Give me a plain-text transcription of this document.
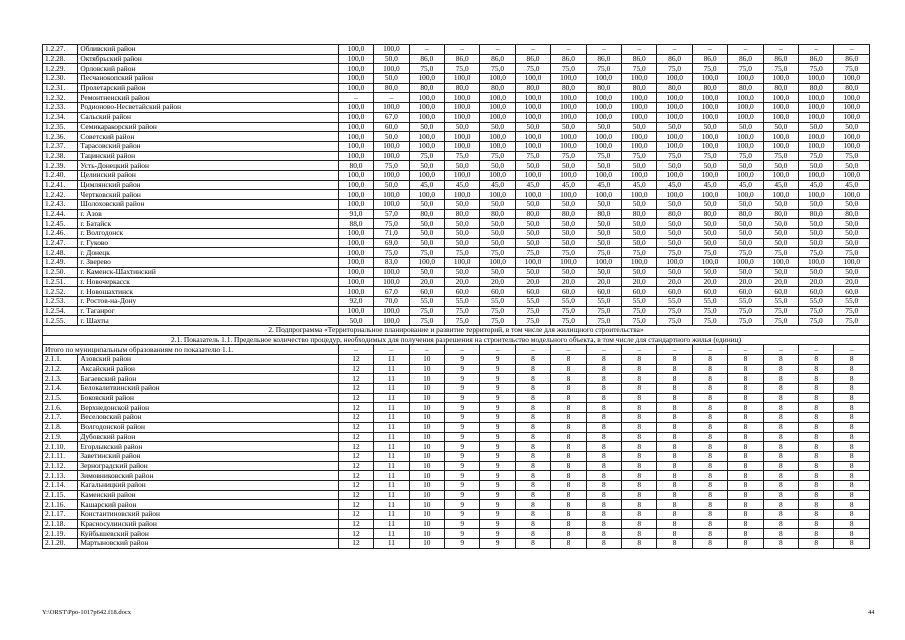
1.2.27.	Обливский район	100,0	100,0	–	–	–	–	–	–	–	–	–	–	–	–	–
1.2.28.	Октябрьский район	100,0	50,0	86,0	86,0	86,0	86,0	86,0	86,0	86,0	86,0	86,0	86,0	86,0	86,0	86,0
1.2.29.	Орловский район	100,0	100,0	75,0	75,0	75,0	75,0	75,0	75,0	75,0	75,0	75,0	75,0	75,0	75,0	75,0
1.2.30.	Песчанокопский район	100,0	50,0	100,0	100,0	100,0	100,0	100,0	100,0	100,0	100,0	100,0	100,0	100,0	100,0	100,0
1.2.31.	Пролетарский район	100,0	80,0	80,0	80,0	80,0	80,0	80,0	80,0	80,0	80,0	80,0	80,0	80,0	80,0	80,0
1.2.32.	Ремонтненский район	–	–	100,0	100,0	100,0	100,0	100,0	100,0	100,0	100,0	100,0	100,0	100,0	100,0	100,0
1.2.33.	Родионово-Несветайский район	100,0	100,0	100,0	100,0	100,0	100,0	100,0	100,0	100,0	100,0	100,0	100,0	100,0	100,0	100,0
1.2.34.	Сальский район	100,0	67,0	100,0	100,0	100,0	100,0	100,0	100,0	100,0	100,0	100,0	100,0	100,0	100,0	100,0
1.2.35.	Семикаракорский район	100,0	60,0	50,0	50,0	50,0	50,0	50,0	50,0	50,0	50,0	50,0	50,0	50,0	50,0	50,0
1.2.36.	Советский район	100,0	50,0	100,0	100,0	100,0	100,0	100,0	100,0	100,0	100,0	100,0	100,0	100,0	100,0	100,0
1.2.37.	Тарасовский район	100,0	100,0	100,0	100,0	100,0	100,0	100,0	100,0	100,0	100,0	100,0	100,0	100,0	100,0	100,0
1.2.38.	Тацинский район	100,0	100,0	75,0	75,0	75,0	75,0	75,0	75,0	75,0	75,0	75,0	75,0	75,0	75,0	75,0
1.2.39.	Усть-Донецкий район	80,0	75,0	50,0	50,0	50,0	50,0	50,0	50,0	50,0	50,0	50,0	50,0	50,0	50,0	50,0
1.2.40.	Целинский район	100,0	100,0	100,0	100,0	100,0	100,0	100,0	100,0	100,0	100,0	100,0	100,0	100,0	100,0	100,0
1.2.41.	Цимлянский район	100,0	50,0	45,0	45,0	45,0	45,0	45,0	45,0	45,0	45,0	45,0	45,0	45,0	45,0	45,0
1.2.42.	Чертковский район	100,0	100,0	100,0	100,0	100,0	100,0	100,0	100,0	100,0	100,0	100,0	100,0	100,0	100,0	100,0
1.2.43.	Шолоховский район	100,0	100,0	50,0	50,0	50,0	50,0	50,0	50,0	50,0	50,0	50,0	50,0	50,0	50,0	50,0
1.2.44.	г. Азов	91,0	57,0	80,0	80,0	80,0	80,0	80,0	80,0	80,0	80,0	80,0	80,0	80,0	80,0	80,0
1.2.45.	г. Батайск	88,0	75,0	50,0	50,0	50,0	50,0	50,0	50,0	50,0	50,0	50,0	50,0	50,0	50,0	50,0
1.2.46.	г. Волгодонск	100,0	71,0	50,0	50,0	50,0	50,0	50,0	50,0	50,0	50,0	50,0	50,0	50,0	50,0	50,0
1.2.47.	г. Гуково	100,0	69,0	50,0	50,0	50,0	50,0	50,0	50,0	50,0	50,0	50,0	50,0	50,0	50,0	50,0
1.2.48.	г. Донецк	100,0	75,0	75,0	75,0	75,0	75,0	75,0	75,0	75,0	75,0	75,0	75,0	75,0	75,0	75,0
1.2.49.	г. Зверево	100,0	83,0	100,0	100,0	100,0	100,0	100,0	100,0	100,0	100,0	100,0	100,0	100,0	100,0	100,0
1.2.50.	г. Каменск-Шахтинский	100,0	100,0	50,0	50,0	50,0	50,0	50,0	50,0	50,0	50,0	50,0	50,0	50,0	50,0	50,0
1.2.51.	г. Новочеркасск	100,0	100,0	20,0	20,0	20,0	20,0	20,0	20,0	20,0	20,0	20,0	20,0	20,0	20,0	20,0
1.2.52.	г. Новошахтинск	100,0	67,0	60,0	60,0	60,0	60,0	60,0	60,0	60,0	60,0	60,0	60,0	60,0	60,0	60,0
1.2.53.	г. Ростов-на-Дону	92,0	70,0	55,0	55,0	55,0	55,0	55,0	55,0	55,0	55,0	55,0	55,0	55,0	55,0	55,0
1.2.54.	г. Таганрог	100,0	100,0	75,0	75,0	75,0	75,0	75,0	75,0	75,0	75,0	75,0	75,0	75,0	75,0	75,0
1.2.55.	г. Шахты	50,0	100,0	75,0	75,0	75,0	75,0	75,0	75,0	75,0	75,0	75,0	75,0	75,0	75,0	75,0
2. Подпрограмма «Территориальное планирование и развитие территорий, в том числе для жилищного строительства»																
2.1. Показатель 1.1. Предельное количество процедур, необходимых для получения разрешения на строительство модельного объекта, в том числе для стандартного жилья (единиц)																
Итого по муниципальным образованиям по показателю 1.1.		–	–	–	–	–	–	–	–	–	–	–	–	–	–	–
2.1.1.	Азовский район	12	11	10	9	9	8	8	8	8	8	8	8	8	8	8
2.1.2.	Аксайский район	12	11	10	9	9	8	8	8	8	8	8	8	8	8	8
2.1.3.	Багаевский район	12	11	10	9	9	8	8	8	8	8	8	8	8	8	8
2.1.4.	Белокалитвинский район	12	11	10	9	9	8	8	8	8	8	8	8	8	8	8
2.1.5.	Боковский район	12	11	10	9	9	8	8	8	8	8	8	8	8	8	8
2.1.6.	Верхнедонской район	12	11	10	9	9	8	8	8	8	8	8	8	8	8	8
2.1.7.	Веселовский район	12	11	10	9	9	8	8	8	8	8	8	8	8	8	8
2.1.8.	Волгодонской район	12	11	10	9	9	8	8	8	8	8	8	8	8	8	8
2.1.9.	Дубовский район	12	11	10	9	9	8	8	8	8	8	8	8	8	8	8
2.1.10.	Егорлыкский район	12	11	10	9	9	8	8	8	8	8	8	8	8	8	8
2.1.11.	Заветинский район	12	11	10	9	9	8	8	8	8	8	8	8	8	8	8
2.1.12.	Зерноградский район	12	11	10	9	9	8	8	8	8	8	8	8	8	8	8
2.1.13.	Зимовниковский район	12	11	10	9	9	8	8	8	8	8	8	8	8	8	8
2.1.14.	Кагальницкий район	12	11	10	9	9	8	8	8	8	8	8	8	8	8	8
2.1.15.	Каменский район	12	11	10	9	9	8	8	8	8	8	8	8	8	8	8
2.1.16.	Кашарский район	12	11	10	9	9	8	8	8	8	8	8	8	8	8	8
2.1.17.	Константиновский район	12	11	10	9	9	8	8	8	8	8	8	8	8	8	8
2.1.18.	Красносулинский район	12	11	10	9	9	8	8	8	8	8	8	8	8	8	8
2.1.19.	Куйбышевский район	12	11	10	9	9	8	8	8	8	8	8	8	8	8	8
2.1.20.	Мартыновский район	12	11	10	9	9	8	8	8	8	8	8	8	8	8	8
Y:\ORST\Ppo-1017p642.f18.docx	44
